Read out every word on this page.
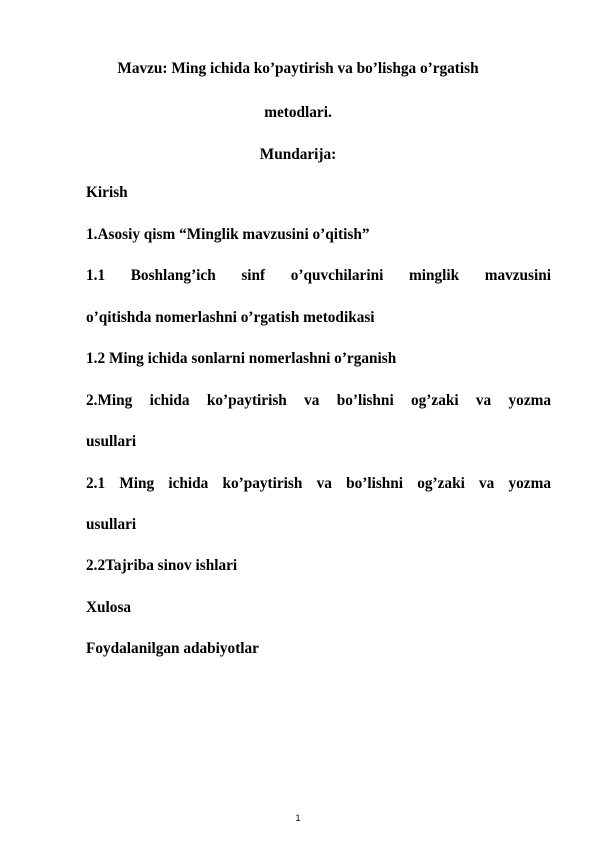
Mavzu: Ming ichida ko’paytirish va bo’lishga o’rgatish
metodlari.
Mundarija:
Kirish
1.Asosiy qism “Minglik mavzusini o’qitish”
1.1 Boshlang’ich sinf o’quvchilarini minglik mavzusini
o’qitishda nomerlashni o’rgatish metodikasi
1.2 Ming ichida sonlarni nomerlashni o’rganish
2.Ming ichida ko’paytirish va bo’lishni og’zaki va yozma
usullari
2.1 Ming ichida ko’paytirish va bo’lishni og’zaki va yozma
usullari
2.2Tajriba sinov ishlari
Xulosa
Foydalanilgan adabiyotlar
1
